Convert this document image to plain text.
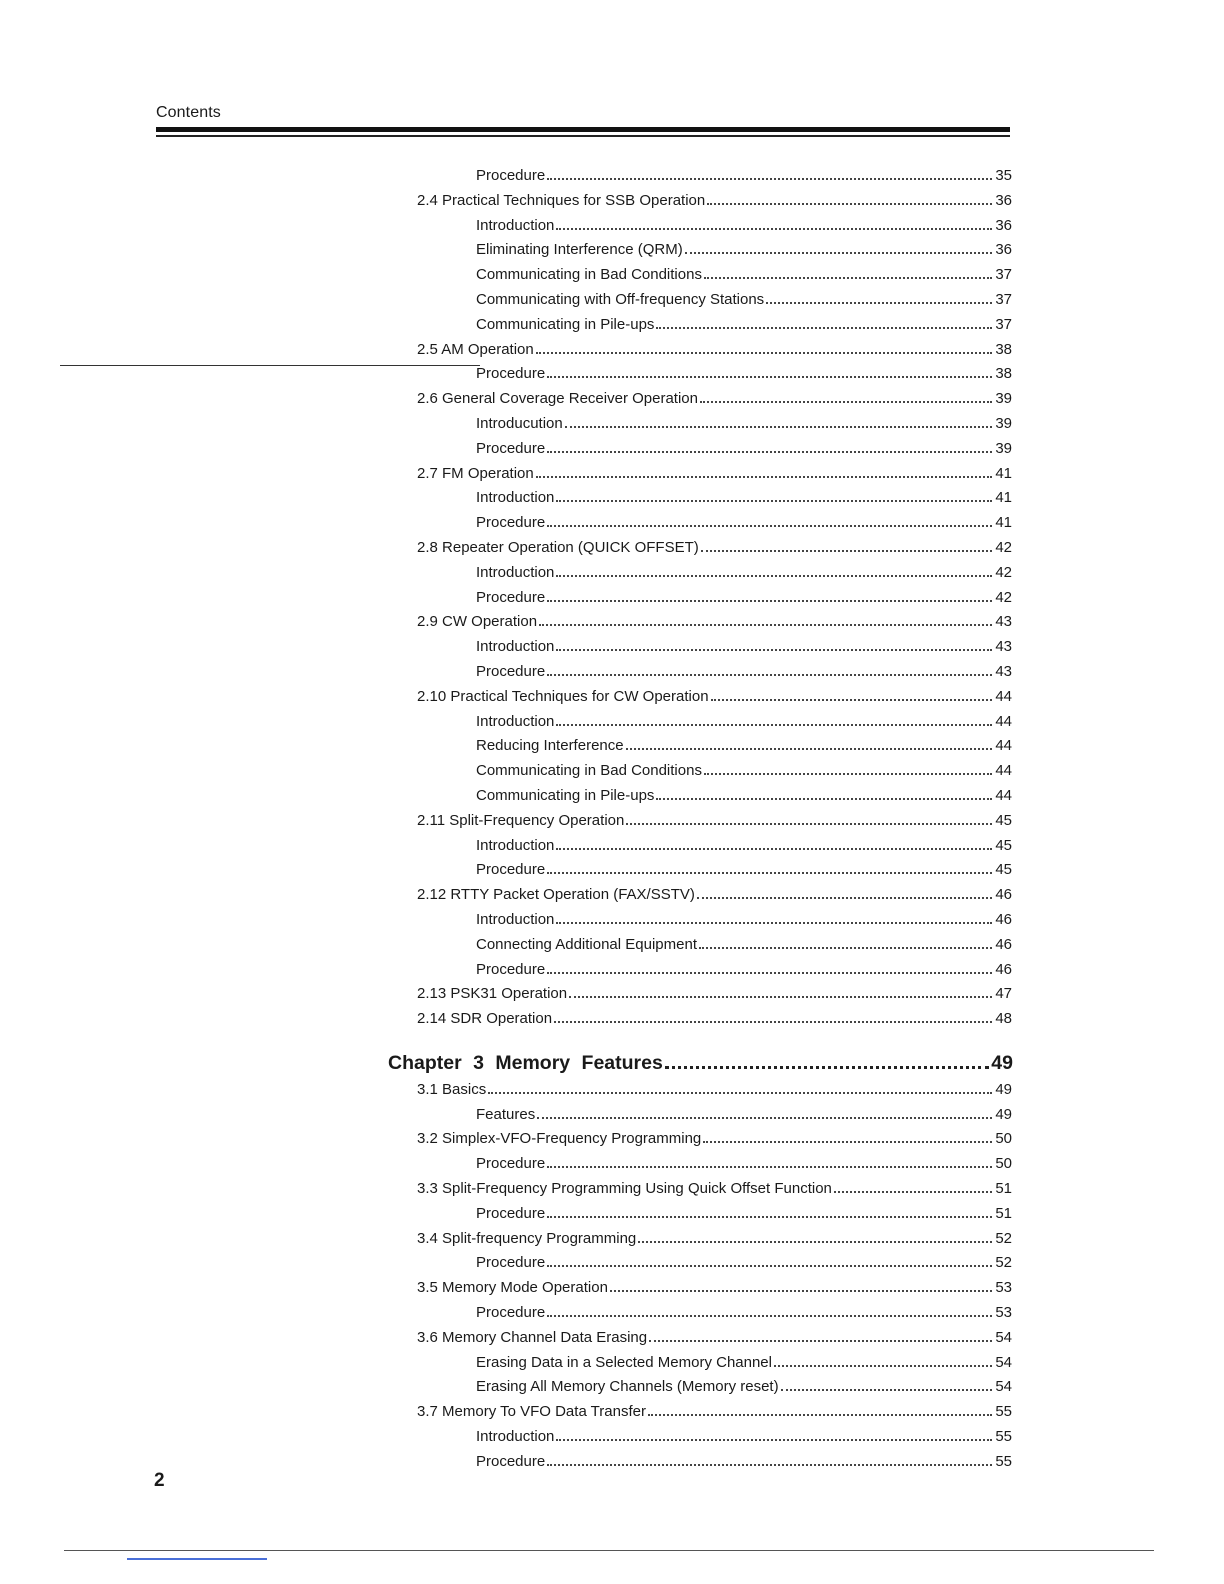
Contents
Procedure	35
2.4 Practical Techniques for SSB Operation	36
Introduction	36
Eliminating Interference (QRM)	36
Communicating in Bad Conditions	37
Communicating with Off-frequency Stations	37
Communicating in Pile-ups	37
2.5 AM Operation	38
Procedure	38
2.6 General Coverage Receiver Operation	39
Introducution	39
Procedure	39
2.7 FM Operation	41
Introduction	41
Procedure	41
2.8 Repeater Operation (QUICK OFFSET)	42
Introduction	42
Procedure	42
2.9 CW Operation	43
Introduction	43
Procedure	43
2.10 Practical Techniques for CW Operation	44
Introduction	44
Reducing Interference	44
Communicating in Bad Conditions	44
Communicating in Pile-ups	44
2.11 Split-Frequency Operation	45
Introduction	45
Procedure	45
2.12 RTTY Packet Operation (FAX/SSTV)	46
Introduction	46
Connecting Additional Equipment	46
Procedure	46
2.13 PSK31 Operation	47
2.14 SDR Operation	48
Chapter 3 Memory Features	49
3.1 Basics	49
Features	49
3.2 Simplex-VFO-Frequency Programming	50
Procedure	50
3.3 Split-Frequency Programming Using Quick Offset Function	51
Procedure	51
3.4 Split-frequency Programming	52
Procedure	52
3.5 Memory Mode Operation	53
Procedure	53
3.6 Memory Channel Data Erasing	54
Erasing Data in a Selected Memory Channel	54
Erasing All Memory Channels (Memory reset)	54
3.7 Memory To VFO Data Transfer	55
Introduction	55
Procedure	55
2
